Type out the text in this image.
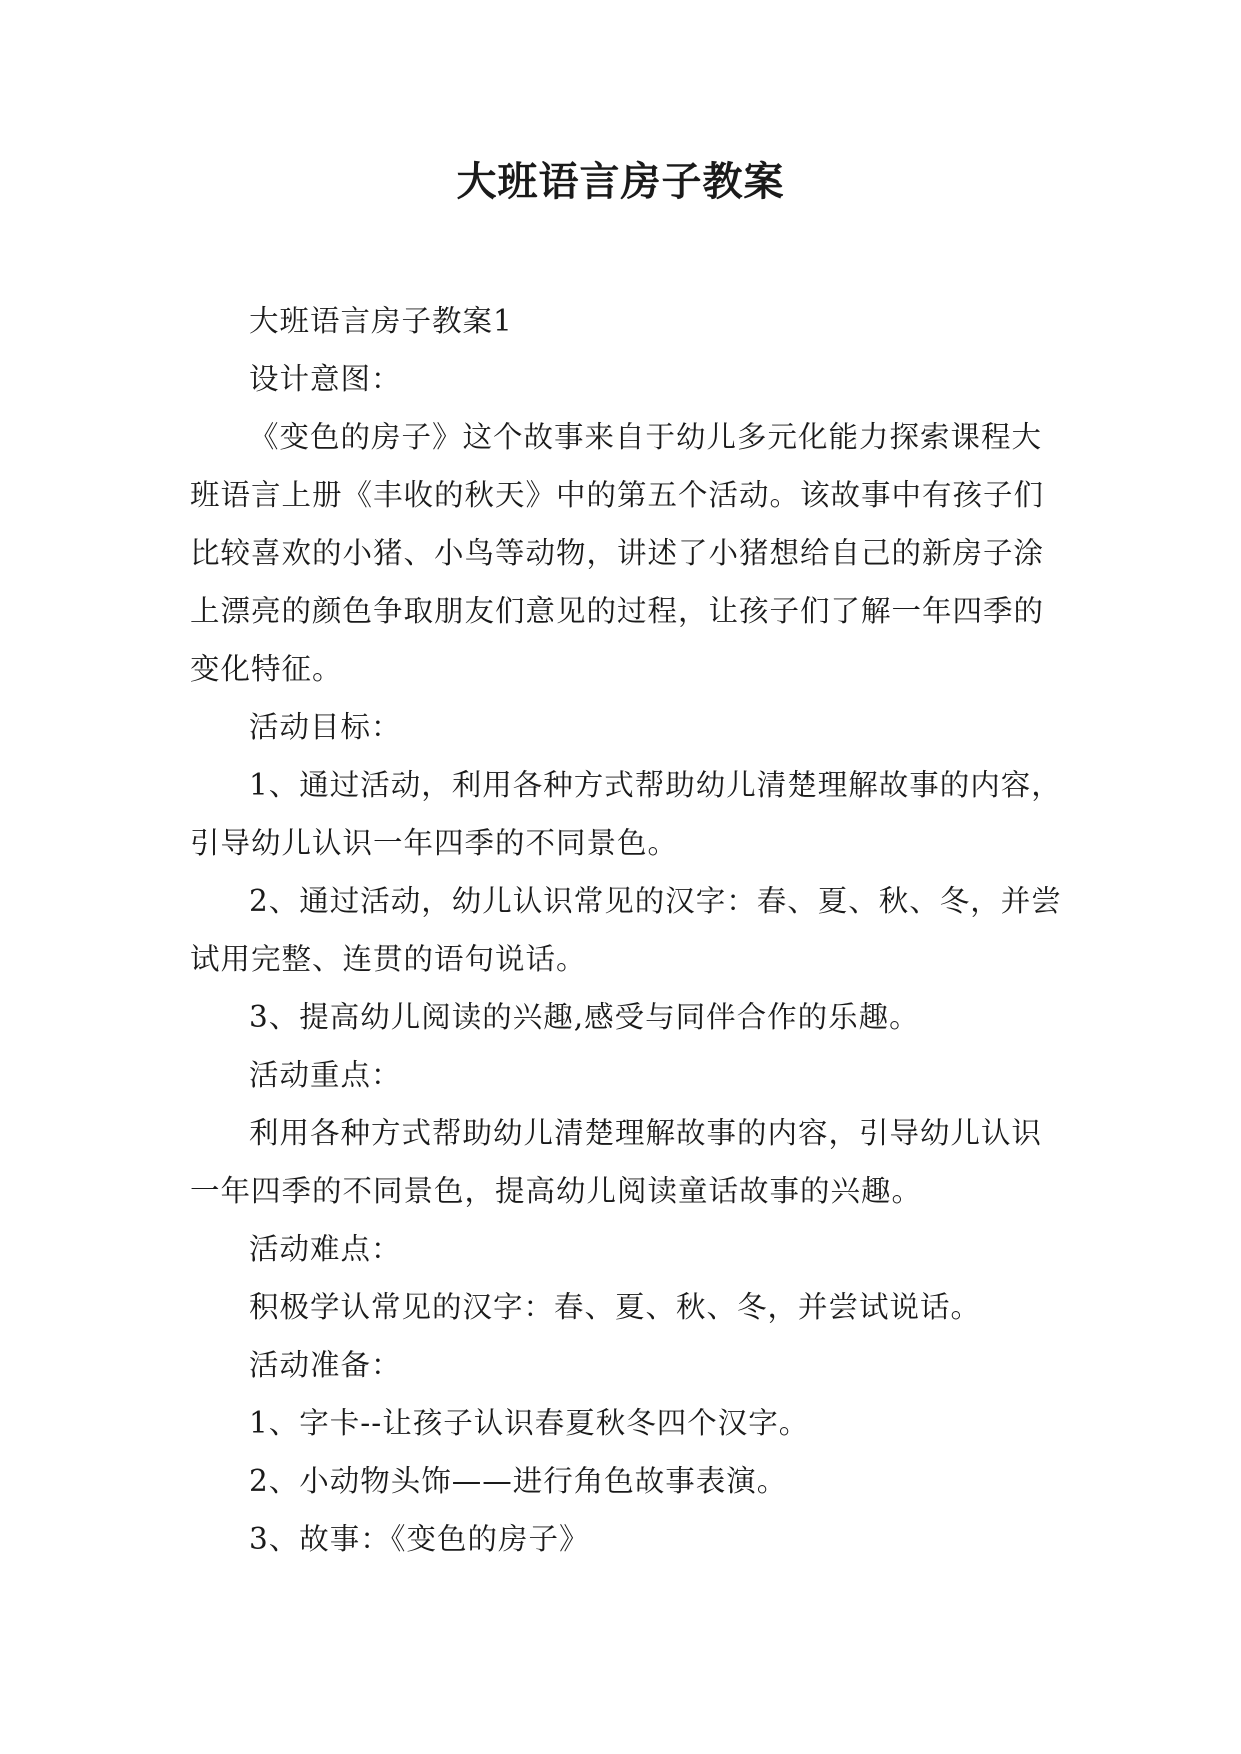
大班语言房子教案

大班语言房子教案1

设计意图：

《变色的房子》这个故事来自于幼儿多元化能力探索课程大班语言上册《丰收的秋天》中的第五个活动。该故事中有孩子们比较喜欢的小猪、小鸟等动物，讲述了小猪想给自己的新房子涂上漂亮的颜色争取朋友们意见的过程，让孩子们了解一年四季的变化特征。

活动目标：

1、通过活动，利用各种方式帮助幼儿清楚理解故事的内容，引导幼儿认识一年四季的不同景色。

2、通过活动，幼儿认识常见的汉字：春、夏、秋、冬，并尝试用完整、连贯的语句说话。

3、提高幼儿阅读的兴趣,感受与同伴合作的乐趣。

活动重点：

利用各种方式帮助幼儿清楚理解故事的内容，引导幼儿认识一年四季的不同景色，提高幼儿阅读童话故事的兴趣。

活动难点：

积极学认常见的汉字：春、夏、秋、冬，并尝试说话。

活动准备：

1、字卡--让孩子认识春夏秋冬四个汉字。

2、小动物头饰——进行角色故事表演。

3、故事：《变色的房子》
